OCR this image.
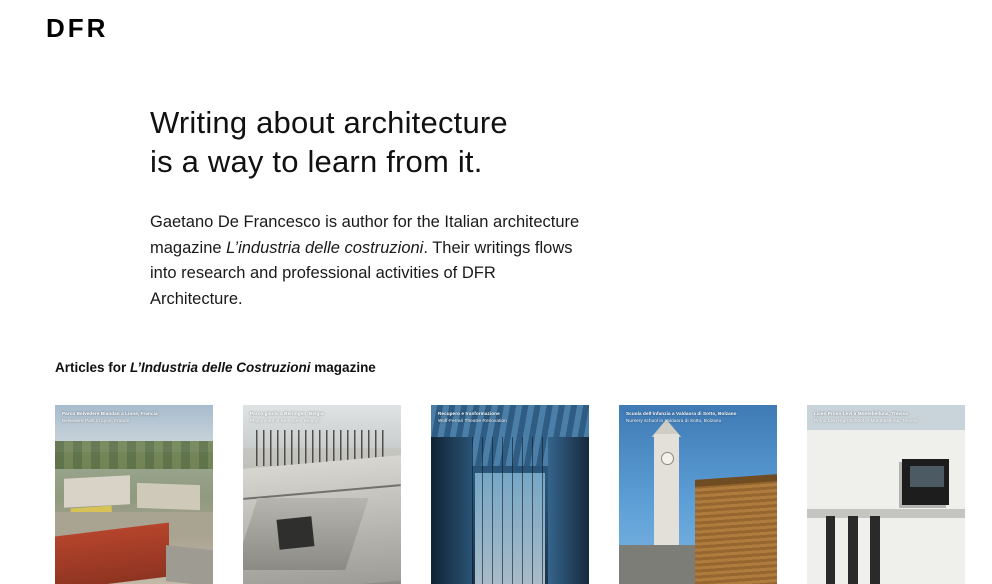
DFR
Writing about architecture
is a way to learn from it.

Gaetano De Francesco is author for the Italian architecture magazine L’industria delle costruzioni. Their writings flows into research and professional activities of DFR Architecture.

Articles for L’Industria delle Costruzioni magazine
Parco Belvedere Blandan a Lione, Francia
Belvedere Park in Lyon, France
Parco giochi a Beiringen, Belgio
Playground in Beiringen, Belgium
Recupero e trasformazione
Wolf-Ferrari Theatre Renovation
Scuola dell’infanzia a Valdaora di Sotto, Bolzano
Nursery school in Valdaora di Sotto, Bolzano
Liceo Primo Levi a Montebelluna, Treviso
Primo Levi High School in Montebelluna, Treviso
